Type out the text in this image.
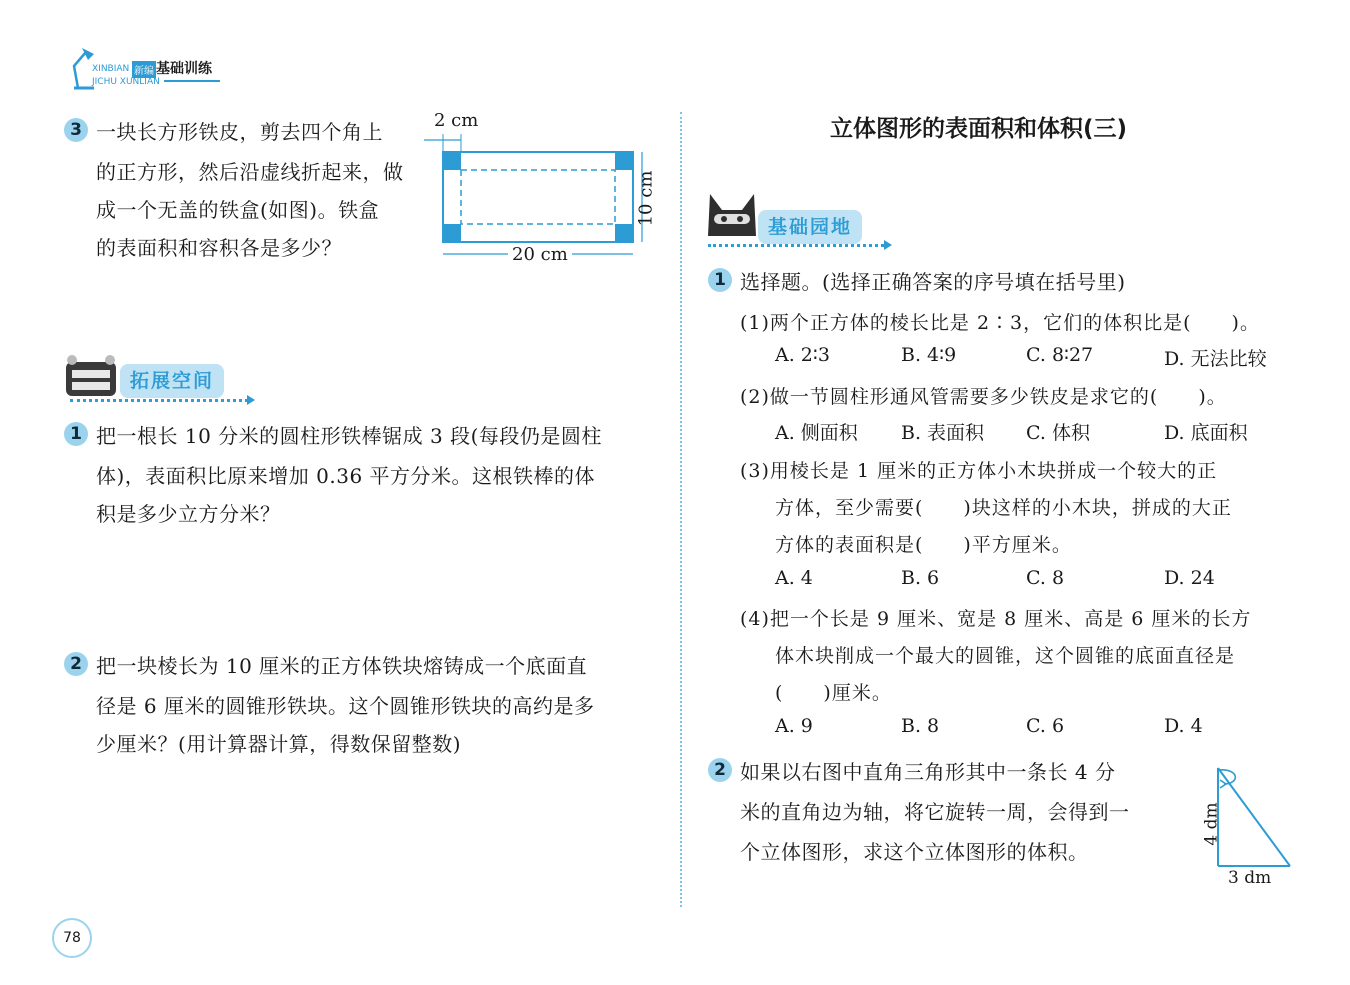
XINBIAN 新编 基础训练
JICHU XUNLIAN
3 一块长方形铁皮，剪去四个角上
的正方形，然后沿虚线折起来，做
成一个无盖的铁盒(如图)。铁盒
的表面积和容积各是多少？
2 cm
10 cm
20 cm
拓展空间
1 把一根长 10 分米的圆柱形铁棒锯成 3 段(每段仍是圆柱
体)，表面积比原来增加 0.36 平方分米。这根铁棒的体
积是多少立方分米？
2 把一块棱长为 10 厘米的正方体铁块熔铸成一个底面直
径是 6 厘米的圆锥形铁块。这个圆锥形铁块的高约是多
少厘米？(用计算器计算，得数保留整数)
78
立体图形的表面积和体积(三)
基础园地
1 选择题。(选择正确答案的序号填在括号里)
(1)两个正方体的棱长比是 2∶3，它们的体积比是(　　)。
A. 2∶3	B. 4∶9	C. 8∶27	D. 无法比较
(2)做一节圆柱形通风管需要多少铁皮是求它的(　　)。
A. 侧面积 B. 表面积 C. 体积	D. 底面积
(3)用棱长是 1 厘米的正方体小木块拼成一个较大的正
方体，至少需要(　　)块这样的小木块，拼成的大正
方体的表面积是(　　)平方厘米。
A. 4	B. 6	C. 8	D. 24
(4)把一个长是 9 厘米、宽是 8 厘米、高是 6 厘米的长方
体木块削成一个最大的圆锥，这个圆锥的底面直径是
(　　)厘米。
A. 9	B. 8	C. 6	D. 4
2 如果以右图中直角三角形其中一条长 4 分
米的直角边为轴，将它旋转一周，会得到一
个立体图形，求这个立体图形的体积。
4 dm
3 dm
